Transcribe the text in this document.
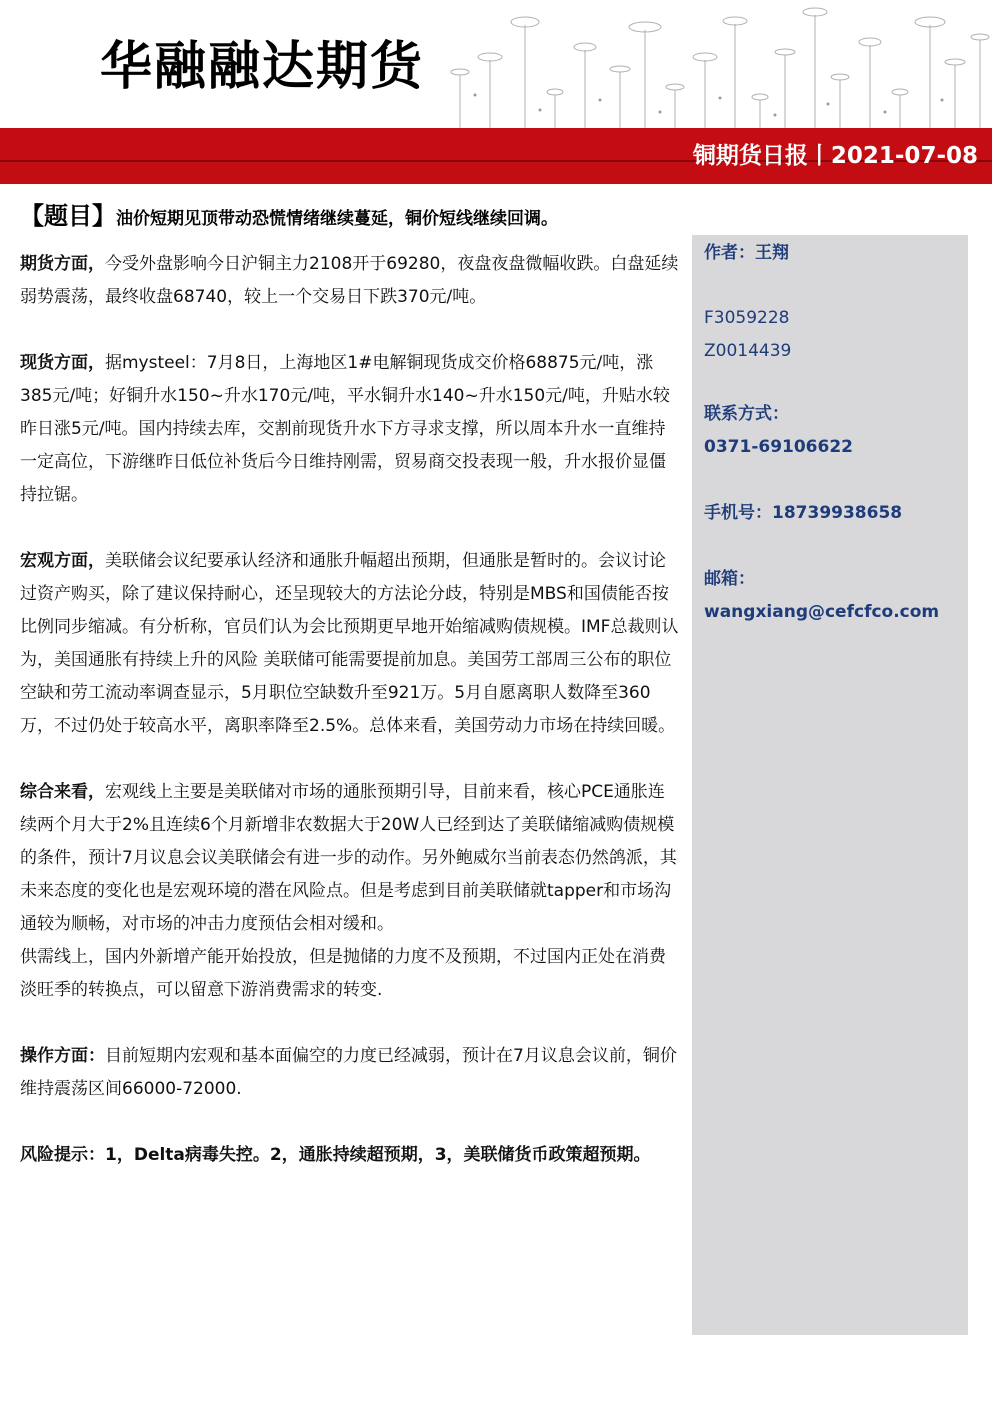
华融融达期货
铜期货日报丨2021-07-08
【题目】油价短期见顶带动恐慌情绪继续蔓延，铜价短线继续回调。

期货方面，今受外盘影响今日沪铜主力2108开于69280，夜盘夜盘微幅收跌。白盘延续弱势震荡，最终收盘68740，较上一个交易日下跌370元/吨。

现货方面，据mysteel：7月8日，上海地区1#电解铜现货成交价格68875元/吨，涨385元/吨；好铜升水150~升水170元/吨，平水铜升水140~升水150元/吨，升贴水较昨日涨5元/吨。国内持续去库，交割前现货升水下方寻求支撑，所以周本升水一直维持一定高位，下游继昨日低位补货后今日维持刚需，贸易商交投表现一般，升水报价显僵持拉锯。

宏观方面，美联储会议纪要承认经济和通胀升幅超出预期，但通胀是暂时的。会议讨论过资产购买，除了建议保持耐心，还呈现较大的方法论分歧，特别是MBS和国债能否按比例同步缩减。有分析称，官员们认为会比预期更早地开始缩减购债规模。IMF总裁则认为，美国通胀有持续上升的风险 美联储可能需要提前加息。美国劳工部周三公布的职位空缺和劳工流动率调查显示，5月职位空缺数升至921万。5月自愿离职人数降至360万，不过仍处于较高水平，离职率降至2.5%。总体来看，美国劳动力市场在持续回暖。

综合来看，宏观线上主要是美联储对市场的通胀预期引导，目前来看，核心PCE通胀连续两个月大于2%且连续6个月新增非农数据大于20W人已经到达了美联储缩减购债规模的条件，预计7月议息会议美联储会有进一步的动作。另外鲍威尔当前表态仍然鸽派，其未来态度的变化也是宏观环境的潜在风险点。但是考虑到目前美联储就tapper和市场沟通较为顺畅，对市场的冲击力度预估会相对缓和。

供需线上，国内外新增产能开始投放，但是抛储的力度不及预期，不过国内正处在消费淡旺季的转换点，可以留意下游消费需求的转变.

操作方面：目前短期内宏观和基本面偏空的力度已经减弱，预计在7月议息会议前，铜价维持震荡区间66000-72000.

风险提示：1，Delta病毒失控。2，通胀持续超预期，3，美联储货币政策超预期。

作者：王翔
F3059228
Z0014439
联系方式：
0371-69106622
手机号：18739938658
邮箱：
wangxiang@cefcfco.com
